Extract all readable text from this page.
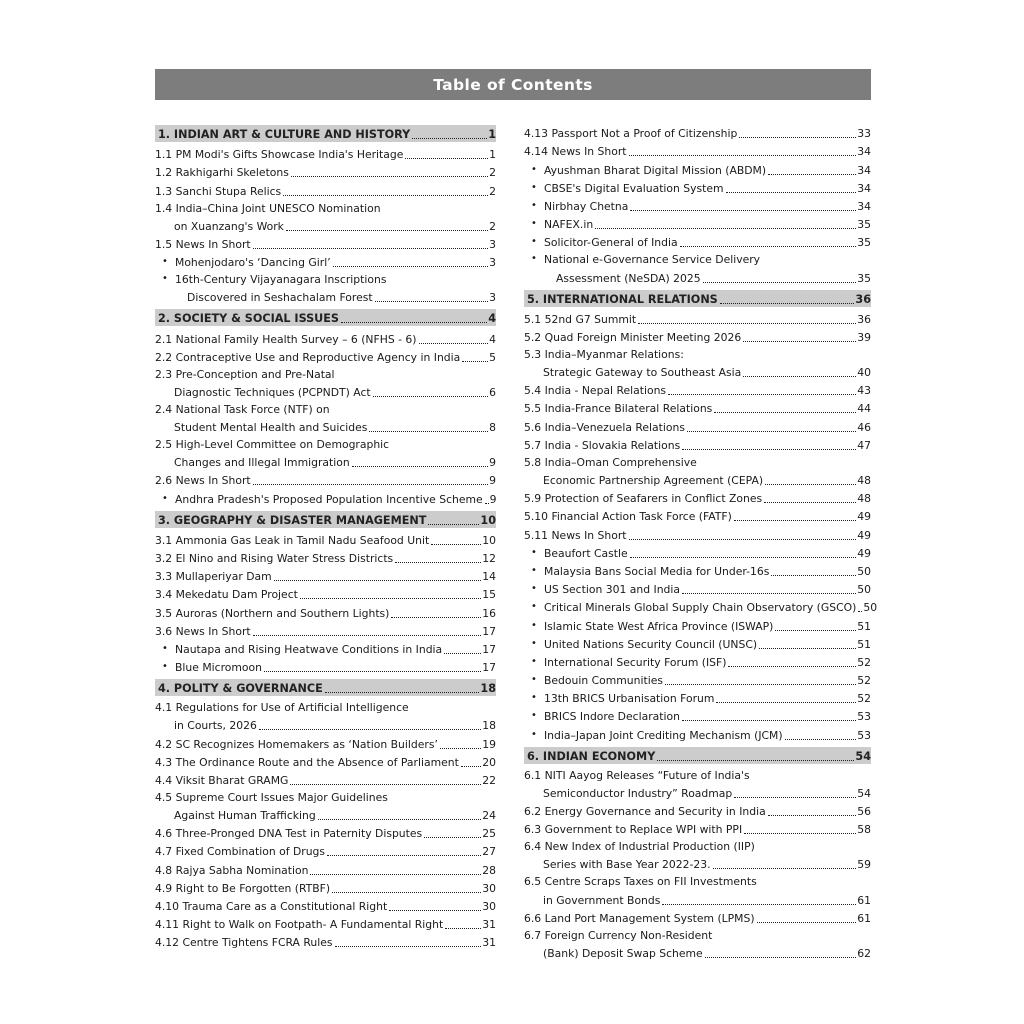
Table of Contents
1. INDIAN ART & CULTURE AND HISTORY	1
1.1 PM Modi's Gifts Showcase India's Heritage	1
1.2 Rakhigarhi Skeletons	2
1.3 Sanchi Stupa Relics	2
1.4 India–China Joint UNESCO Nomination
on Xuanzang's Work	2
1.5 News In Short	3
• Mohenjodaro's ‘Dancing Girl’	3
• 16th-Century Vijayanagara Inscriptions
Discovered in Seshachalam Forest	3
2. SOCIETY & SOCIAL ISSUES	4
2.1 National Family Health Survey – 6 (NFHS - 6)	4
2.2 Contraceptive Use and Reproductive Agency in India	5
2.3 Pre-Conception and Pre-Natal
Diagnostic Techniques (PCPNDT) Act	6
2.4 National Task Force (NTF) on
Student Mental Health and Suicides	8
2.5 High-Level Committee on Demographic
Changes and Illegal Immigration	9
2.6 News In Short	9
• Andhra Pradesh's Proposed Population Incentive Scheme 9
3. GEOGRAPHY & DISASTER MANAGEMENT	10
3.1 Ammonia Gas Leak in Tamil Nadu Seafood Unit	10
3.2 El Nino and Rising Water Stress Districts	12
3.3 Mullaperiyar Dam	14
3.4 Mekedatu Dam Project	15
3.5 Auroras (Northern and Southern Lights)	16
3.6 News In Short	17
• Nautapa and Rising Heatwave Conditions in India	17
• Blue Micromoon	17
4. POLITY & GOVERNANCE	18
4.1 Regulations for Use of Artificial Intelligence
in Courts, 2026	18
4.2 SC Recognizes Homemakers as ‘Nation Builders’	19
4.3 The Ordinance Route and the Absence of Parliament 20
4.4 Viksit Bharat GRAMG	22
4.5 Supreme Court Issues Major Guidelines
Against Human Trafficking	24
4.6 Three-Pronged DNA Test in Paternity Disputes	25
4.7 Fixed Combination of Drugs	27
4.8 Rajya Sabha Nomination	28
4.9 Right to Be Forgotten (RTBF)	30
4.10 Trauma Care as a Constitutional Right	30
4.11 Right to Walk on Footpath- A Fundamental Right	31
4.12 Centre Tightens FCRA Rules	31
4.13 Passport Not a Proof of Citizenship	33
4.14 News In Short	34
• Ayushman Bharat Digital Mission (ABDM)	34
• CBSE's Digital Evaluation System	34
• Nirbhay Chetna	34
• NAFEX.in	35
• Solicitor-General of India	35
• National e-Governance Service Delivery
Assessment (NeSDA) 2025	35
5. INTERNATIONAL RELATIONS	36
5.1 52nd G7 Summit	36
5.2 Quad Foreign Minister Meeting 2026	39
5.3 India–Myanmar Relations:
Strategic Gateway to Southeast Asia	40
5.4 India - Nepal Relations	43
5.5 India-France Bilateral Relations	44
5.6 India–Venezuela Relations	46
5.7 India - Slovakia Relations	47
5.8 India–Oman Comprehensive
Economic Partnership Agreement (CEPA)	48
5.9 Protection of Seafarers in Conflict Zones	48
5.10 Financial Action Task Force (FATF)	49
5.11 News In Short	49
• Beaufort Castle	49
• Malaysia Bans Social Media for Under-16s	50
• US Section 301 and India	50
• Critical Minerals Global Supply Chain Observatory (GSCO) 50
• Islamic State West Africa Province (ISWAP)	51
• United Nations Security Council (UNSC)	51
• International Security Forum (ISF)	52
• Bedouin Communities	52
• 13th BRICS Urbanisation Forum	52
• BRICS Indore Declaration	53
• India–Japan Joint Crediting Mechanism (JCM)	53
6. INDIAN ECONOMY	54
6.1 NITI Aayog Releases “Future of India's
Semiconductor Industry” Roadmap	54
6.2 Energy Governance and Security in India	56
6.3 Government to Replace WPI with PPI	58
6.4 New Index of Industrial Production (IIP)
Series with Base Year 2022-23.	59
6.5 Centre Scraps Taxes on FII Investments
in Government Bonds	61
6.6 Land Port Management System (LPMS)	61
6.7 Foreign Currency Non-Resident
(Bank) Deposit Swap Scheme	62
